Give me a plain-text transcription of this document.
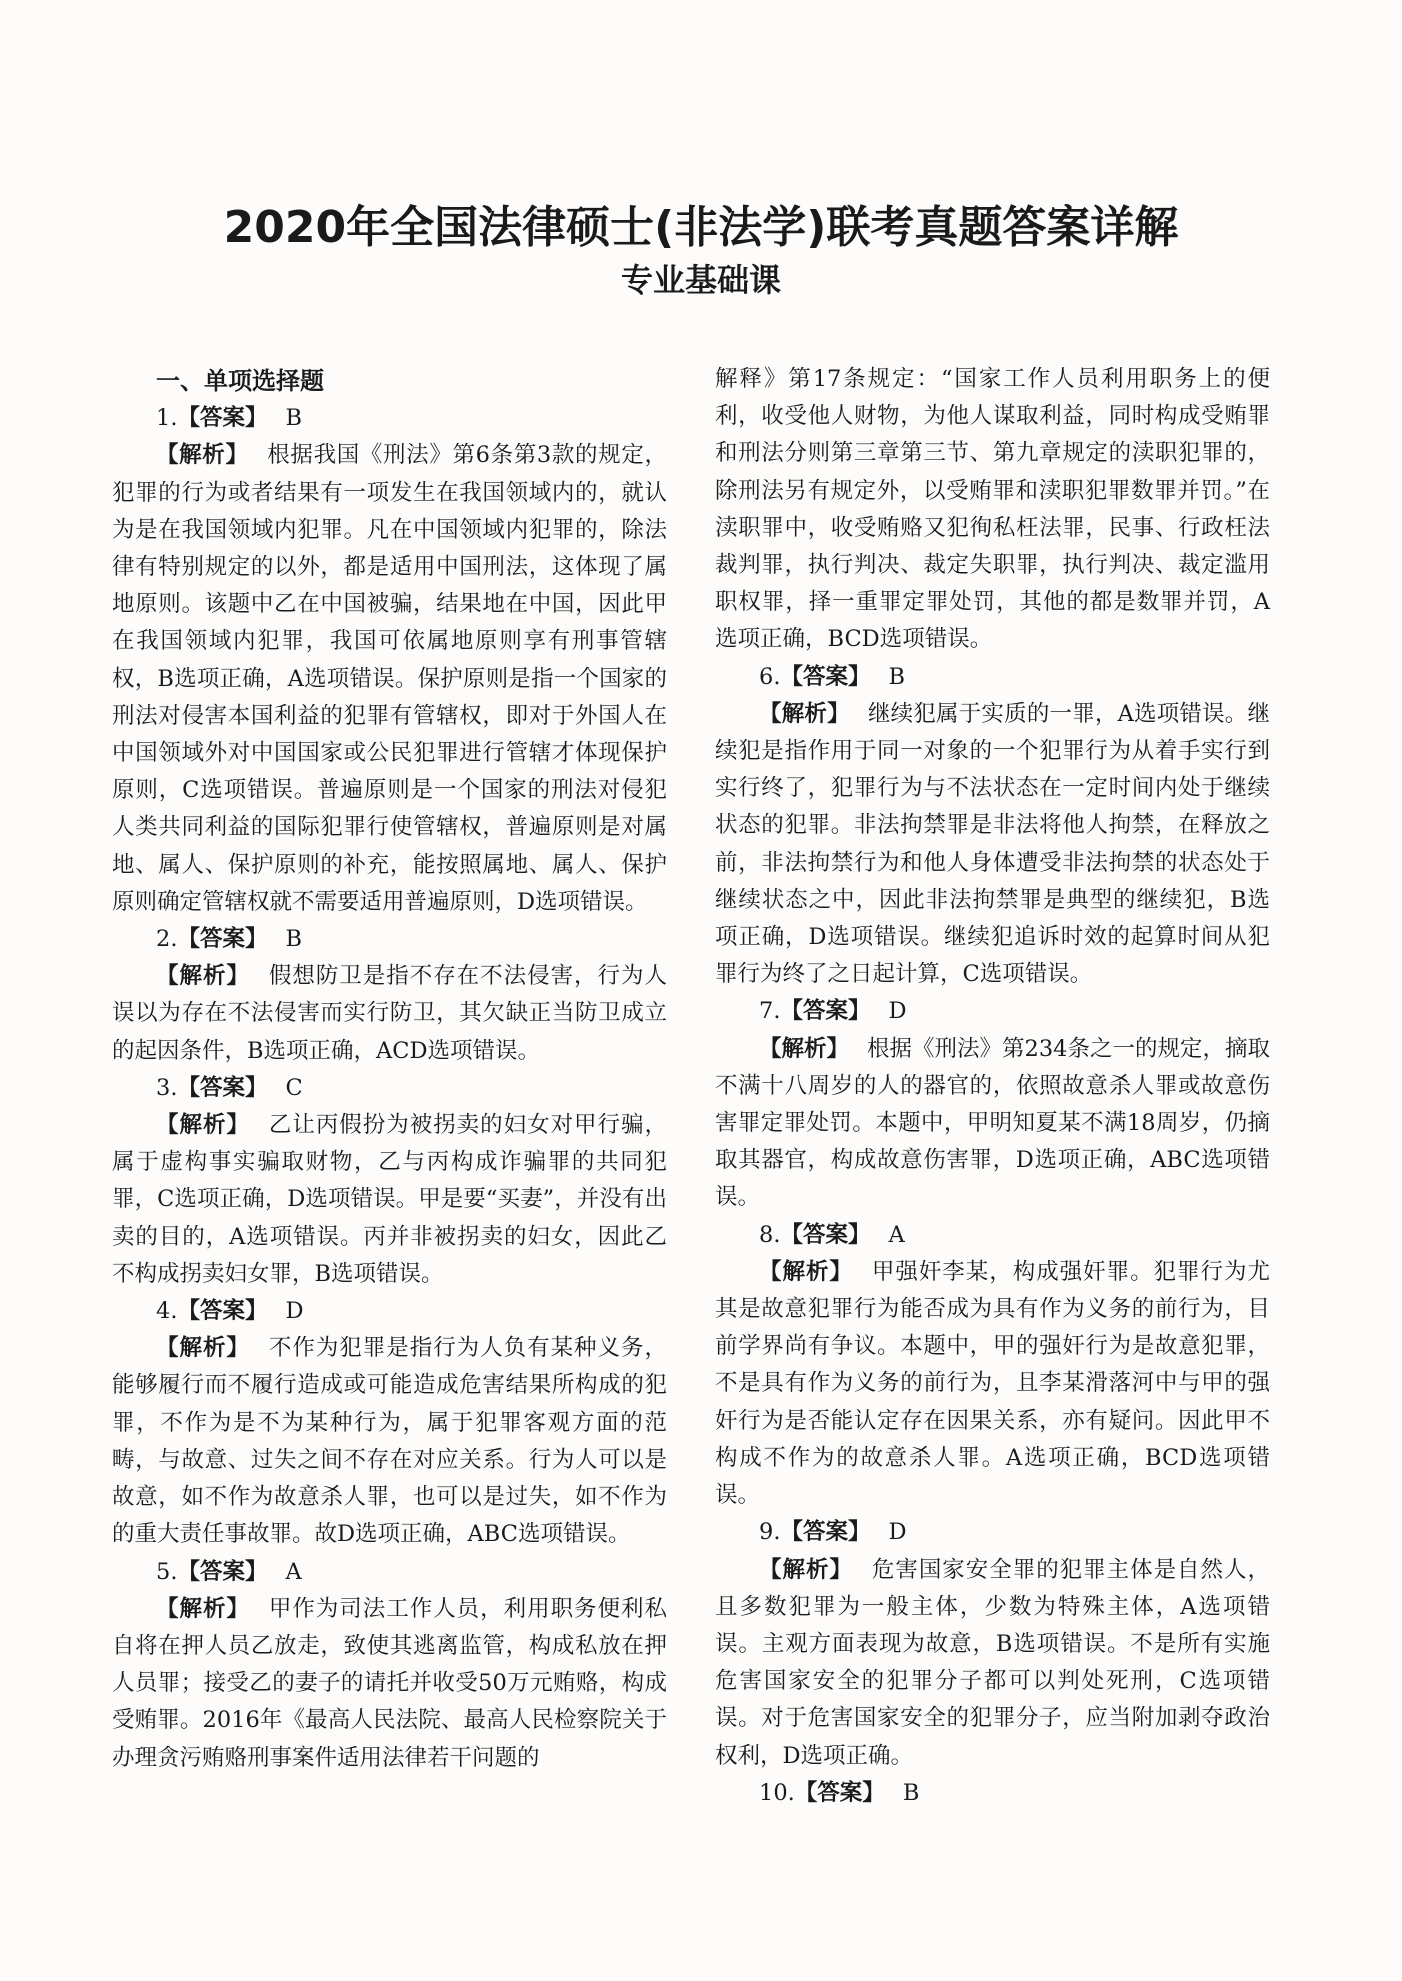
2020年全国法律硕士(非法学)联考真题答案详解
专业基础课

一、单项选择题

1.【答案】 B

【解析】 根据我国《刑法》第6条第3款的规定，犯罪的行为或者结果有一项发生在我国领域内的，就认为是在我国领域内犯罪。凡在中国领域内犯罪的，除法律有特别规定的以外，都是适用中国刑法，这体现了属地原则。该题中乙在中国被骗，结果地在中国，因此甲在我国领域内犯罪，我国可依属地原则享有刑事管辖权，B选项正确，A选项错误。保护原则是指一个国家的刑法对侵害本国利益的犯罪有管辖权，即对于外国人在中国领域外对中国国家或公民犯罪进行管辖才体现保护原则，C选项错误。普遍原则是一个国家的刑法对侵犯人类共同利益的国际犯罪行使管辖权，普遍原则是对属地、属人、保护原则的补充，能按照属地、属人、保护原则确定管辖权就不需要适用普遍原则，D选项错误。

2.【答案】 B

【解析】 假想防卫是指不存在不法侵害，行为人误以为存在不法侵害而实行防卫，其欠缺正当防卫成立的起因条件，B选项正确，ACD选项错误。

3.【答案】 C

【解析】 乙让丙假扮为被拐卖的妇女对甲行骗，属于虚构事实骗取财物，乙与丙构成诈骗罪的共同犯罪，C选项正确，D选项错误。甲是要“买妻”，并没有出卖的目的，A选项错误。丙并非被拐卖的妇女，因此乙不构成拐卖妇女罪，B选项错误。

4.【答案】 D

【解析】 不作为犯罪是指行为人负有某种义务，能够履行而不履行造成或可能造成危害结果所构成的犯罪，不作为是不为某种行为，属于犯罪客观方面的范畴，与故意、过失之间不存在对应关系。行为人可以是故意，如不作为故意杀人罪，也可以是过失，如不作为的重大责任事故罪。故D选项正确，ABC选项错误。

5.【答案】 A

【解析】 甲作为司法工作人员，利用职务便利私自将在押人员乙放走，致使其逃离监管，构成私放在押人员罪；接受乙的妻子的请托并收受50万元贿赂，构成受贿罪。2016年《最高人民法院、最高人民检察院关于办理贪污贿赂刑事案件适用法律若干问题的

解释》第17条规定：“国家工作人员利用职务上的便利，收受他人财物，为他人谋取利益，同时构成受贿罪和刑法分则第三章第三节、第九章规定的渎职犯罪的，除刑法另有规定外，以受贿罪和渎职犯罪数罪并罚。”在渎职罪中，收受贿赂又犯徇私枉法罪，民事、行政枉法裁判罪，执行判决、裁定失职罪，执行判决、裁定滥用职权罪，择一重罪定罪处罚，其他的都是数罪并罚，A选项正确，BCD选项错误。

6.【答案】 B

【解析】 继续犯属于实质的一罪，A选项错误。继续犯是指作用于同一对象的一个犯罪行为从着手实行到实行终了，犯罪行为与不法状态在一定时间内处于继续状态的犯罪。非法拘禁罪是非法将他人拘禁，在释放之前，非法拘禁行为和他人身体遭受非法拘禁的状态处于继续状态之中，因此非法拘禁罪是典型的继续犯，B选项正确，D选项错误。继续犯追诉时效的起算时间从犯罪行为终了之日起计算，C选项错误。

7.【答案】 D

【解析】 根据《刑法》第234条之一的规定，摘取不满十八周岁的人的器官的，依照故意杀人罪或故意伤害罪定罪处罚。本题中，甲明知夏某不满18周岁，仍摘取其器官，构成故意伤害罪，D选项正确，ABC选项错误。

8.【答案】 A

【解析】 甲强奸李某，构成强奸罪。犯罪行为尤其是故意犯罪行为能否成为具有作为义务的前行为，目前学界尚有争议。本题中，甲的强奸行为是故意犯罪，不是具有作为义务的前行为，且李某滑落河中与甲的强奸行为是否能认定存在因果关系，亦有疑问。因此甲不构成不作为的故意杀人罪。A选项正确，BCD选项错误。

9.【答案】 D

【解析】 危害国家安全罪的犯罪主体是自然人，且多数犯罪为一般主体，少数为特殊主体，A选项错误。主观方面表现为故意，B选项错误。不是所有实施危害国家安全的犯罪分子都可以判处死刑，C选项错误。对于危害国家安全的犯罪分子，应当附加剥夺政治权利，D选项正确。

10.【答案】 B
